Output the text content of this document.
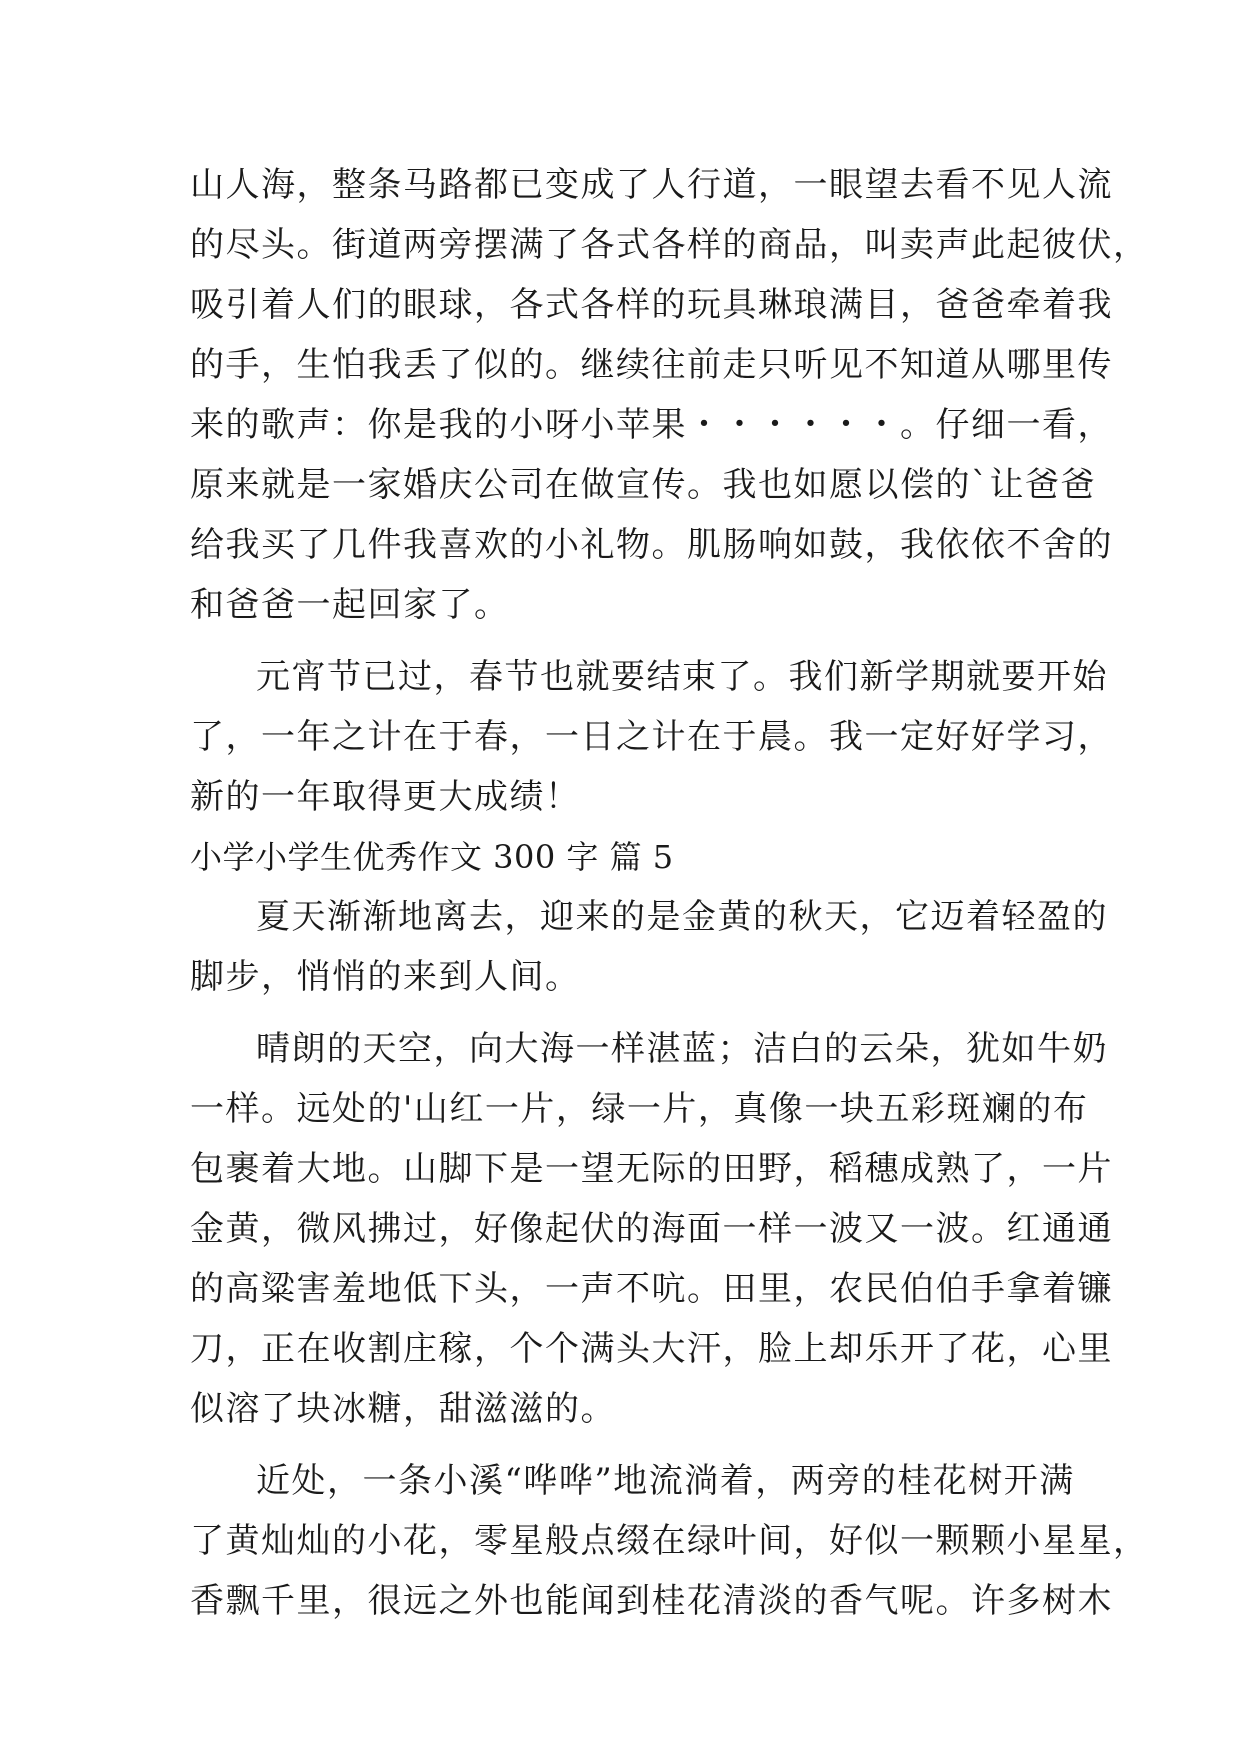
山人海，整条马路都已变成了人行道，一眼望去看不见人流
的尽头。街道两旁摆满了各式各样的商品，叫卖声此起彼伏，
吸引着人们的眼球，各式各样的玩具琳琅满目，爸爸牵着我
的手，生怕我丢了似的。继续往前走只听见不知道从哪里传
来的歌声：你是我的小呀小苹果・・・・・・。仔细一看，
原来就是一家婚庆公司在做宣传。我也如愿以偿的`让爸爸
给我买了几件我喜欢的小礼物。肌肠响如鼓，我依依不舍的
和爸爸一起回家了。
元宵节已过，春节也就要结束了。我们新学期就要开始
了，一年之计在于春，一日之计在于晨。我一定好好学习，
新的一年取得更大成绩！
小学小学生优秀作文 300 字 篇 5
夏天渐渐地离去，迎来的是金黄的秋天，它迈着轻盈的
脚步，悄悄的来到人间。
晴朗的天空，向大海一样湛蓝；洁白的云朵，犹如牛奶
一样。远处的'山红一片，绿一片，真像一块五彩斑斓的布
包裹着大地。山脚下是一望无际的田野，稻穗成熟了，一片
金黄，微风拂过，好像起伏的海面一样一波又一波。红通通
的高粱害羞地低下头，一声不吭。田里，农民伯伯手拿着镰
刀，正在收割庄稼，个个满头大汗，脸上却乐开了花，心里
似溶了块冰糖，甜滋滋的。
近处，一条小溪“哗哗”地流淌着，两旁的桂花树开满
了黄灿灿的小花，零星般点缀在绿叶间，好似一颗颗小星星，
香飘千里，很远之外也能闻到桂花清淡的香气呢。许多树木
